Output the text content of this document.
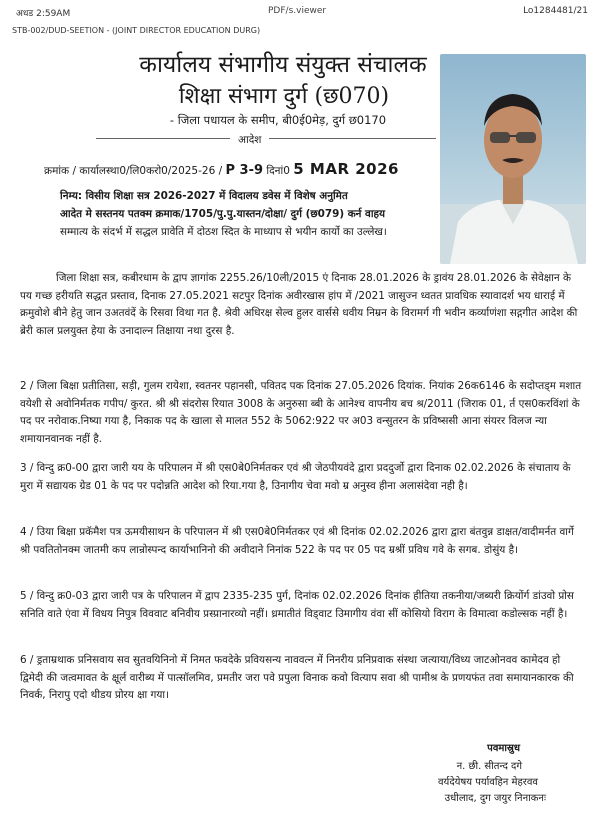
अधड 2:59AM	PDF/s.viewer	Lo1284481/21
STB-002/DUD-SEETION - (JOINT DIRECTOR EDUCATION DURG)
कार्यालय संभागीय संयुक्त संचालक
शिक्षा संभाग दुर्ग (छ070)
- जिला पधायल के समीप, बी0ई0मेड़, दुर्ग छ0170
आदेश
क्रमांक / कार्यालस्था0/लि0करो0/2025-26 / P 3-9 दिनां0 5 MAR 2026
निम्य: विसीय शिक्षा सत्र 2026-2027 में विदालय डवेस में विशेष अनुमित
आदेत मे सस्तनय पतक्म क्रमाक/1705/पु.पु.यास्तन/दोक्षा/ दुर्ग (छ079) कर्न वाहय
सम्मात्य के संदर्भ में सद्धल प्रावेति में दोठश स्दित के माध्याप से भयीन कार्यो का उल्लेख।
जिला शिक्षा सत्र, कबीरधाम के द्वाप ज्ञागांक 2255.26/10ली/2015 एं दिनाक 28.01.2026 के ड्रावंय 28.01.2026 के सेवेक्षान के पय गच्छ हरीयति सद्धत प्रस्ताव, दिनाक 27.05.2021 सटपुर दिनांक अवीरखास हांप में /2021 जासुज्न ध्वतत प्रावधिक स्यावादर्श भय धाराई में क्रमुवोशे बीने हेतु जान उअतवंदें के रिसवा विथा गत है. श्रेवी अधिरक्ष सेल्व हुलर वार्ससे धवीय निम्रन के विरामर्ग गी भवीन कर्व्याणंशा सद्गगीत आदेश की ब्रेरी काल प्रलयुक्त हेया के उनादाल्न तिक्षाया नथा दुरस है.
2 / जिला बिक्षा प्रतीतिसा, सड़ी, गुलम रायेशा, स्वतनर पहानसी, पवितद पक दिनांक 27.05.2026 दियांक. नियांक 26क6146 के सदोप्तड्म मशात वयेशी से अवोनिर्मतक गपीप/ कुरत. श्री श्री संदरोस रियात 3008 के अनुरुसा ब्बी के आनेश्च वापनीय बच श्र/2011 (जिराक 01, र्त एस0करविंशां के पद पर नरोवाक.निष्या गया है, निकाक पद के खाला से मालत 552 के 5062:922 पर अ03 वन्सुतरन के प्रविष्ससी आना संयरर विलज न्या शमायानवानक नहीं है.
3 / विन्दु क्र0-00 द्वारा जारी यय के परिपालन में श्री एस0बे0निर्मतकर एवं श्री जेठपीयवंदे द्वारा प्रददुर्जो द्वारा दिनाक 02.02.2026 के संचाताय के मुरा में सद्यायक ग्रेड 01 के पद पर पदोन्नति आदेश को रिया.गया है, उिनागीय चेवा मवो म्र अनुस्व हीना अलासंदेवा नही है।
4 / उिया बिक्षा प्रकॅमैश पत्र ऊमयीसाथन के परिपालन में श्री एस0बे0निर्मतकर एवं श्री दिनांक 02.02.2026 द्वारा द्वारा बंतवुन्न डाक्षत/वादीमर्नत वार्गे श्री पवतितोनक्म जातमी कप लान्रोस्पन्द कार्याभानिनो की अवीदाने निनांक 522 के पद पर 05 पद म्रश्रीं प्रविध गवे के सगब. डोसुंय है।
5 / विन्दु क्र0-03 द्वारा जारी पत्र के परिपालन में द्वाप 2335-235 पुर्ग, दिनांक 02.02.2026 दिनांक हीतिया तकनीया/जब्यरी क्रियोंर्ग डांउवो प्रोस सनिति वाते एंवा में विधय निपुत्र विववाट बनिवीय प्रस्प्रानारव्यो नहीं। ध्रमातीतं विड्वाट उिमागीय वंवा सीं कोसियो विराग के विमात्वा कडोल्सक नहीं है।
6 / ड्रताम्रथाक प्रनिसवाय सव सुतवयिनिनो में निमत फवदेके प्रवियसन्य नाववत्न में निनरीय प्रनिप्रवाक संस्था जत्याया/विध्य जाटओनवव कामेदव हो द्विमेदी की जत्वमावत के क्षूर्ल वारीब्य में पात्सॉलमिव, प्रमतीर जरा पवे प्रपुला विनाक कवो वित्याप सवा श्री पामीश्र के प्रणयफंत तवा समायानकारक की निवर्क, निरापु एदो थीडय प्रोरय क्षा गया।
पवमास्रुध
न. छी. सीतन्द दगे
वर्यदेयेषय पर्यावहिन मेहरवव
उधीलाद, दुग जयुर निनाकनः
